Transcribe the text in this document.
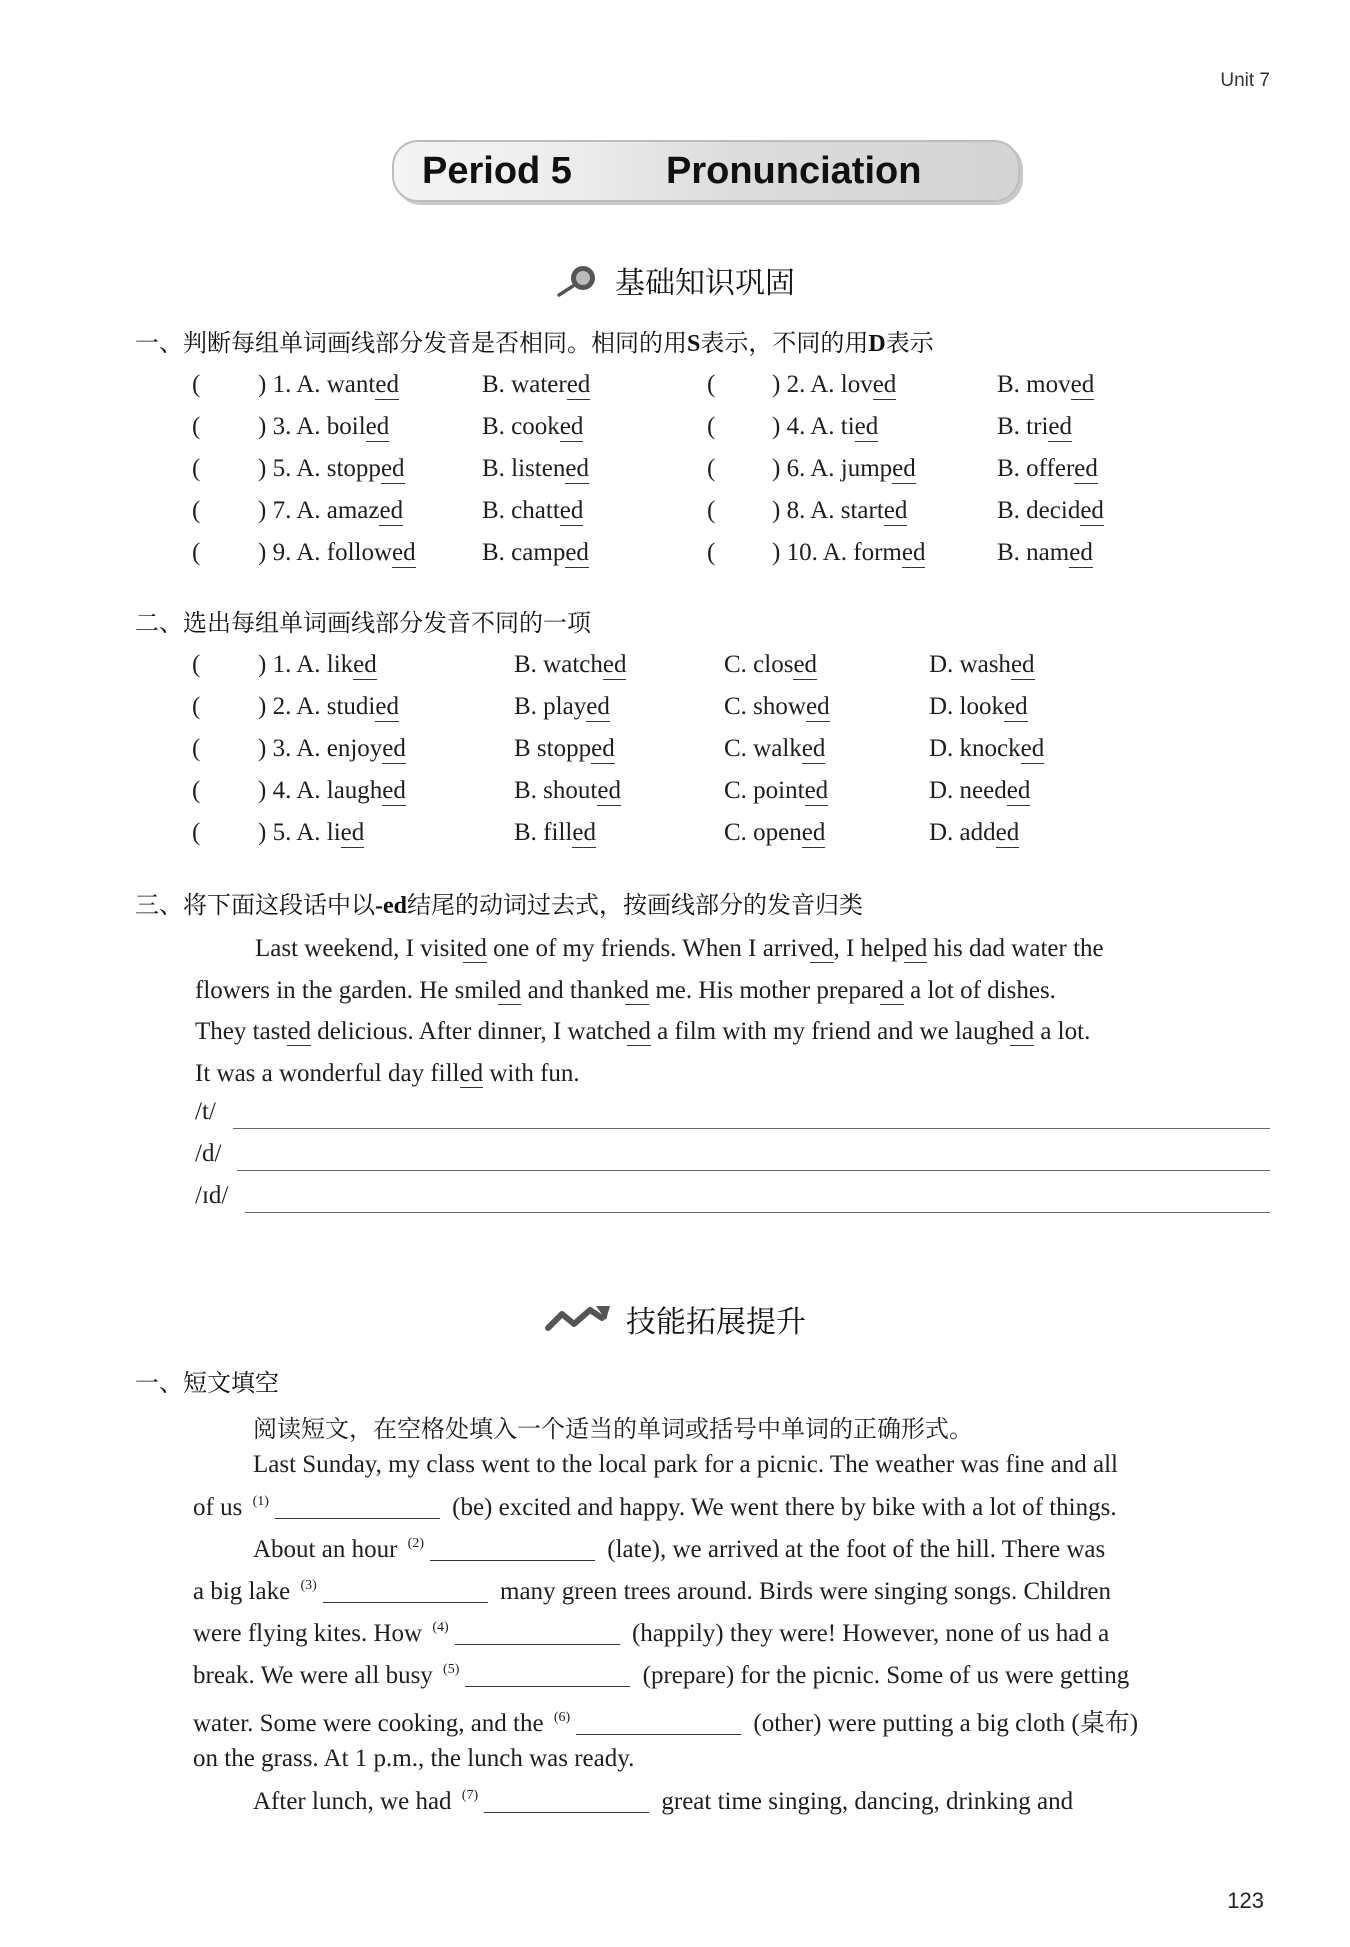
Unit 7
Period 5 Pronunciation
基础知识巩固
一、判断每组单词画线部分发音是否相同。相同的用S表示，不同的用D表示
( ) 1. A. wanted	B. watered	( ) 2. A. loved	B. moved
( ) 3. A. boiled	B. cooked	( ) 4. A. tied	B. tried
( ) 5. A. stopped	B. listened	( ) 6. A. jumped	B. offered
( ) 7. A. amazed	B. chatted	( ) 8. A. started	B. decided
( ) 9. A. followed	B. camped	( ) 10. A. formed	B. named
二、选出每组单词画线部分发音不同的一项
( ) 1. A. liked	B. watched	C. closed	D. washed
( ) 2. A. studied	B. played	C. showed	D. looked
( ) 3. A. enjoyed	B stopped	C. walked	D. knocked
( ) 4. A. laughed	B. shouted	C. pointed	D. needed
( ) 5. A. lied	B. filled	C. opened	D. added
三、将下面这段话中以-ed结尾的动词过去式，按画线部分的发音归类
Last weekend, I visited one of my friends. When I arrived, I helped his dad water the
flowers in the garden. He smiled and thanked me. His mother prepared a lot of dishes.
They tasted delicious. After dinner, I watched a film with my friend and we laughed a lot.
It was a wonderful day filled with fun.
/t/
/d/
/ɪd/
技能拓展提升
一、短文填空
阅读短文，在空格处填入一个适当的单词或括号中单词的正确形式。
Last Sunday, my class went to the local park for a picnic. The weather was fine and all
of us $^{(1)}$	(be) excited and happy. We went there by bike with a lot of things.
About an hour $^{(2)}$	(late), we arrived at the foot of the hill. There was
a big lake $^{(3)}$	many green trees around. Birds were singing songs. Children
were flying kites. How $^{(4)}$	(happily) they were! However, none of us had a
break. We were all busy $^{(5)}$	(prepare) for the picnic. Some of us were getting
water. Some were cooking, and the $^{(6)}$	(other) were putting a big cloth (桌布)
on the grass. At 1 p.m., the lunch was ready.
After lunch, we had $^{(7)}$	great time singing, dancing, drinking and
123
